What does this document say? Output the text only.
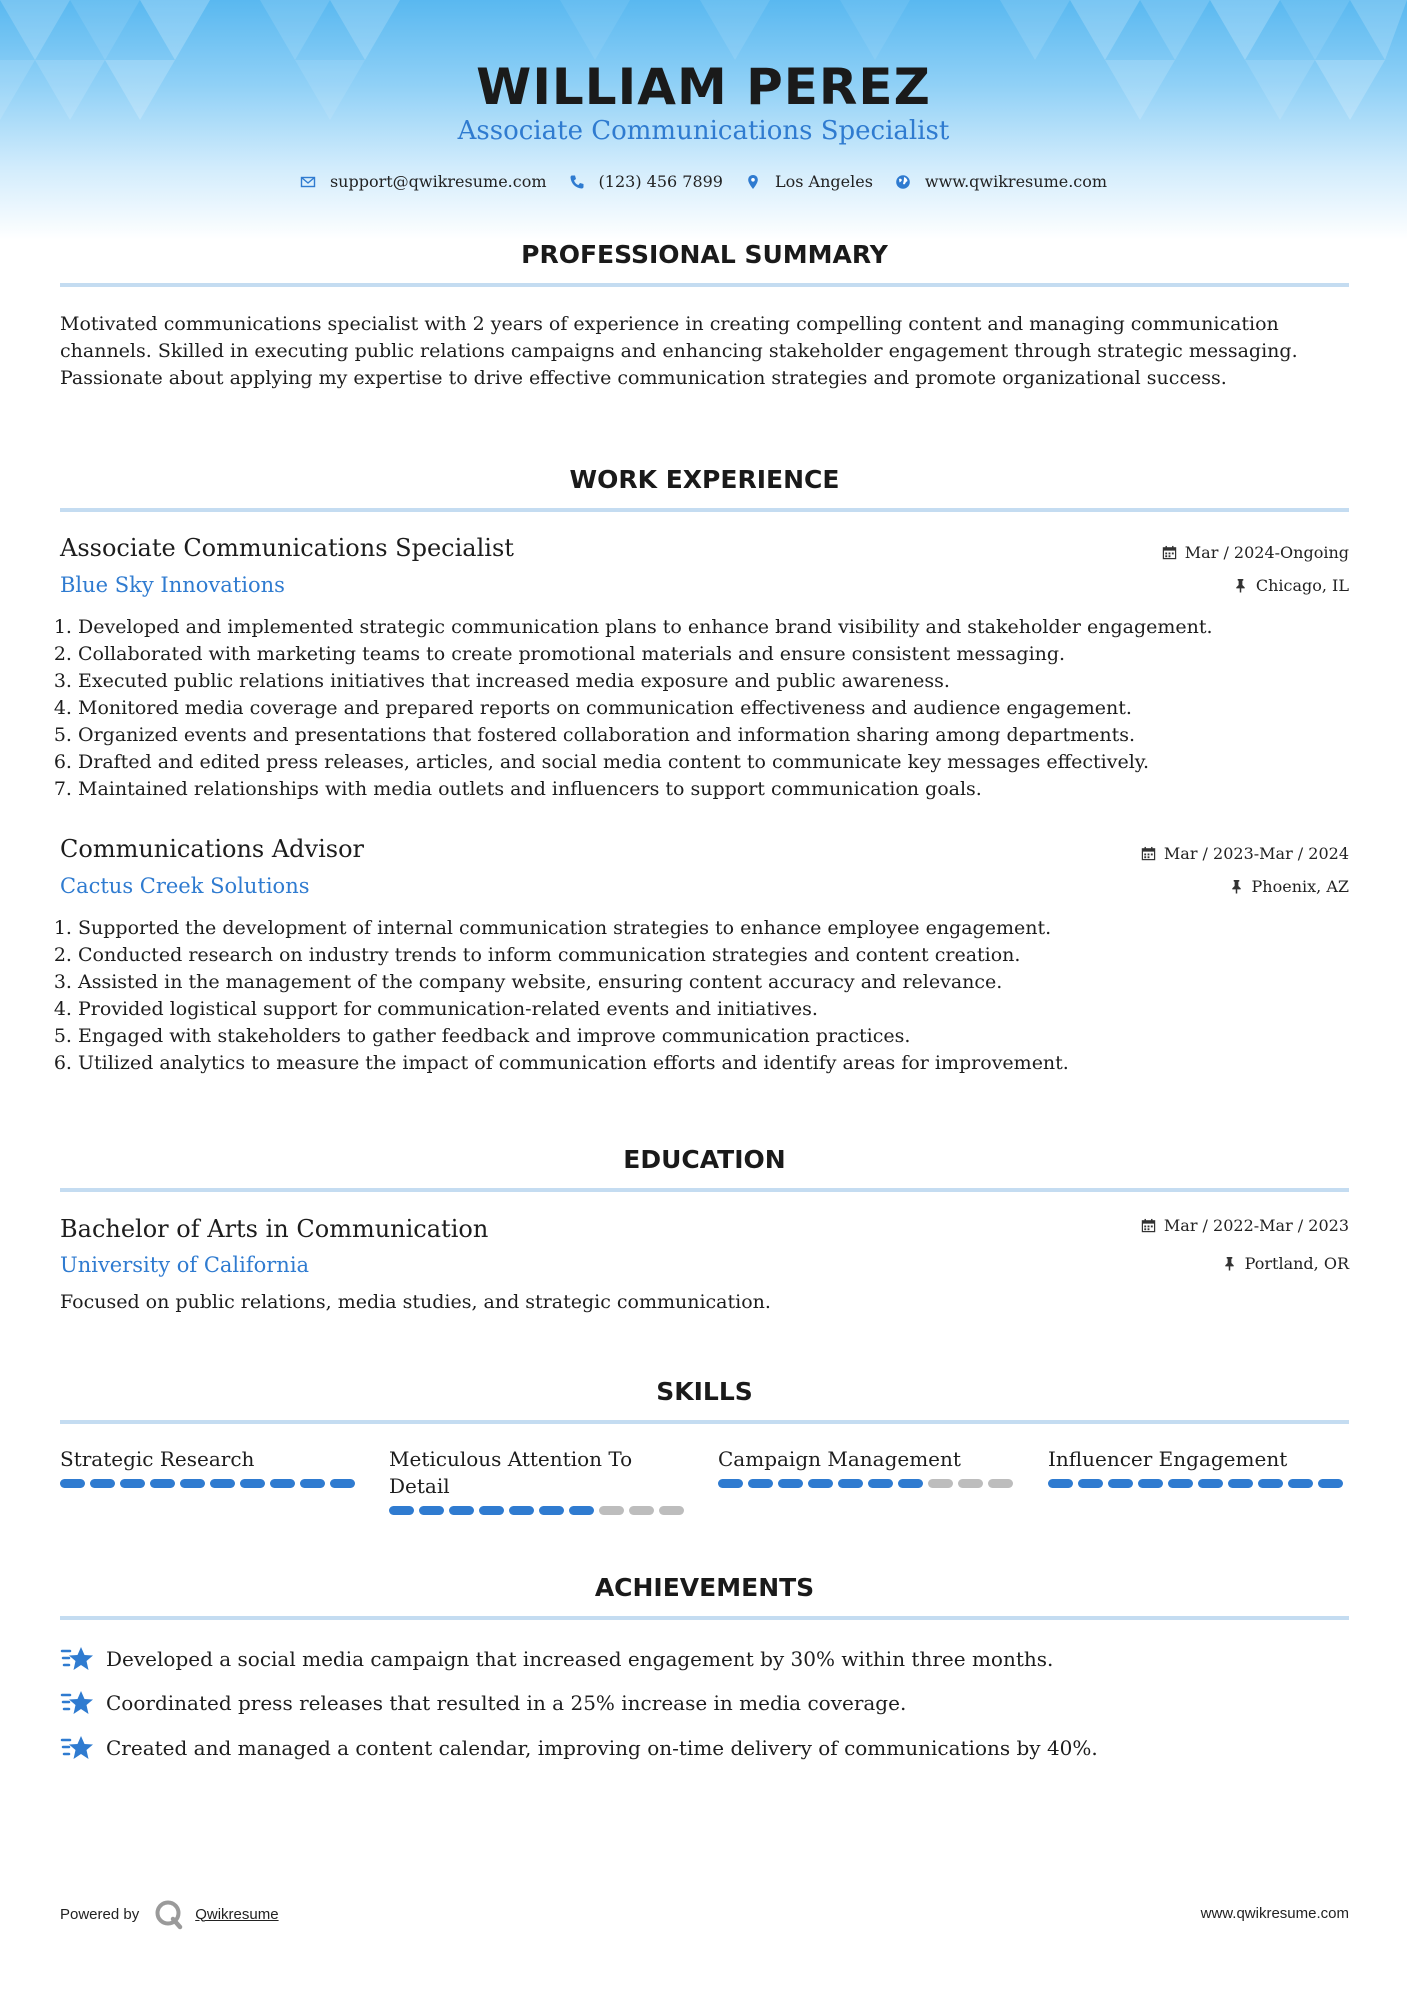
WILLIAM PEREZ
Associate Communications Specialist
support@qwikresume.com	(123) 456 7899	Los Angeles	www.qwikresume.com
PROFESSIONAL SUMMARY

Motivated communications specialist with 2 years of experience in creating compelling content and managing communication channels. Skilled in executing public relations campaigns and enhancing stakeholder engagement through strategic messaging. Passionate about applying my expertise to drive effective communication strategies and promote organizational success.

WORK EXPERIENCE
Associate Communications Specialist	Mar / 2024-Ongoing
Blue Sky Innovations	Chicago, IL
1. Developed and implemented strategic communication plans to enhance brand visibility and stakeholder engagement.
2. Collaborated with marketing teams to create promotional materials and ensure consistent messaging.
3. Executed public relations initiatives that increased media exposure and public awareness.
4. Monitored media coverage and prepared reports on communication effectiveness and audience engagement.
5. Organized events and presentations that fostered collaboration and information sharing among departments.
6. Drafted and edited press releases, articles, and social media content to communicate key messages effectively.
7. Maintained relationships with media outlets and influencers to support communication goals.
Communications Advisor	Mar / 2023-Mar / 2024
Cactus Creek Solutions	Phoenix, AZ
1. Supported the development of internal communication strategies to enhance employee engagement.
2. Conducted research on industry trends to inform communication strategies and content creation.
3. Assisted in the management of the company website, ensuring content accuracy and relevance.
4. Provided logistical support for communication-related events and initiatives.
5. Engaged with stakeholders to gather feedback and improve communication practices.
6. Utilized analytics to measure the impact of communication efforts and identify areas for improvement.
EDUCATION
Bachelor of Arts in Communication	Mar / 2022-Mar / 2023
University of California	Portland, OR
Focused on public relations, media studies, and strategic communication.
SKILLS
Strategic Research	Meticulous Attention To Detail
Campaign Management	Influencer Engagement
ACHIEVEMENTS
Developed a social media campaign that increased engagement by 30% within three months.
Coordinated press releases that resulted in a 25% increase in media coverage.
Created and managed a content calendar, improving on-time delivery of communications by 40%.
Powered by	Qwikresume	www.qwikresume.com
